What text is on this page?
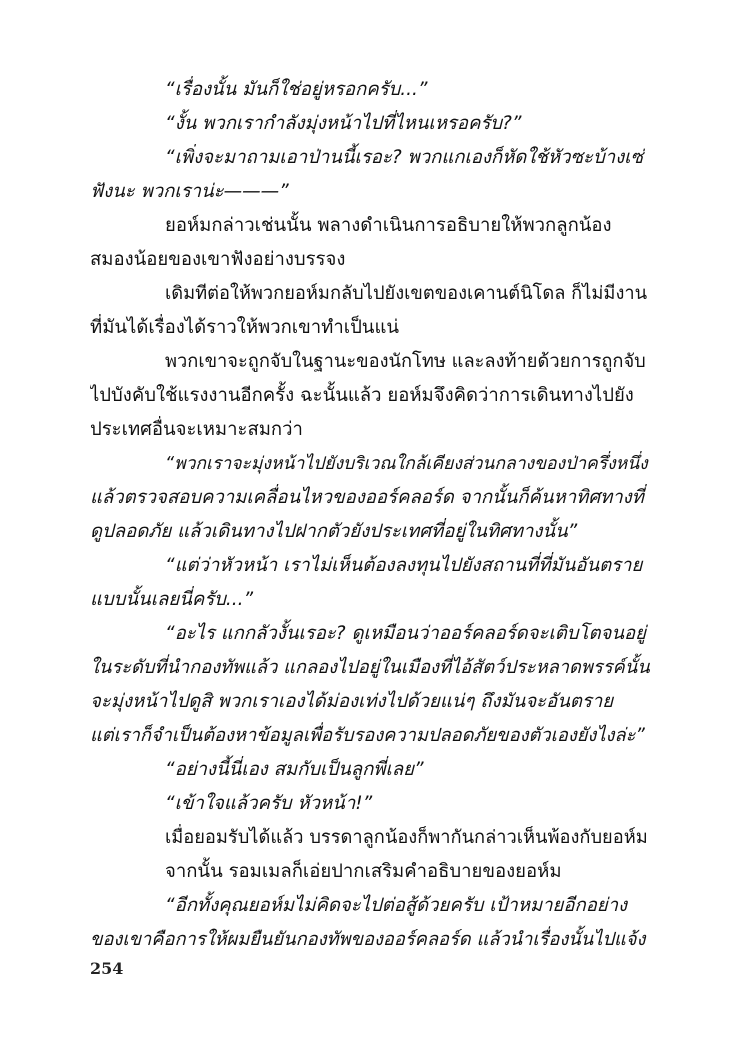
“เรื่องนั้น มันก็ใช่อยู่หรอกครับ...”
“งั้น พวกเรากำลังมุ่งหน้าไปที่ไหนเหรอครับ?”
“เพิ่งจะมาถามเอาป่านนี้เรอะ? พวกแกเองก็หัดใช้หัวซะบ้างเซ่
ฟังนะ พวกเราน่ะ———”
ยอห์มกล่าวเช่นนั้น พลางดำเนินการอธิบายให้พวกลูกน้อง
สมองน้อยของเขาฟังอย่างบรรจง
เดิมทีต่อให้พวกยอห์มกลับไปยังเขตของเคานต์นิโดล ก็ไม่มีงาน
ที่มันได้เรื่องได้ราวให้พวกเขาทำเป็นแน่
พวกเขาจะถูกจับในฐานะของนักโทษ และลงท้ายด้วยการถูกจับ
ไปบังคับใช้แรงงานอีกครั้ง ฉะนั้นแล้ว ยอห์มจึงคิดว่าการเดินทางไปยัง
ประเทศอื่นจะเหมาะสมกว่า
“พวกเราจะมุ่งหน้าไปยังบริเวณใกล้เคียงส่วนกลางของป่าครึ่งหนึ่ง
แล้วตรวจสอบความเคลื่อนไหวของออร์คลอร์ด จากนั้นก็ค้นหาทิศทางที่
ดูปลอดภัย แล้วเดินทางไปฝากตัวยังประเทศที่อยู่ในทิศทางนั้น”
“แต่ว่าหัวหน้า เราไม่เห็นต้องลงทุนไปยังสถานที่ที่มันอันตราย
แบบนั้นเลยนี่ครับ...”
“อะไร แกกลัวงั้นเรอะ? ดูเหมือนว่าออร์คลอร์ดจะเติบโตจนอยู่
ในระดับที่นำกองทัพแล้ว แกลองไปอยู่ในเมืองที่ไอ้สัตว์ประหลาดพรรค์นั้น
จะมุ่งหน้าไปดูสิ พวกเราเองได้ม่องเท่งไปด้วยแน่ๆ ถึงมันจะอันตราย
แต่เราก็จำเป็นต้องหาข้อมูลเพื่อรับรองความปลอดภัยของตัวเองยังไงล่ะ”
“อย่างนี้นี่เอง สมกับเป็นลูกพี่เลย”
“เข้าใจแล้วครับ หัวหน้า!”
เมื่อยอมรับได้แล้ว บรรดาลูกน้องก็พากันกล่าวเห็นพ้องกับยอห์ม
จากนั้น รอมเมลก็เอ่ยปากเสริมคำอธิบายของยอห์ม
“อีกทั้งคุณยอห์มไม่คิดจะไปต่อสู้ด้วยครับ เป้าหมายอีกอย่าง
ของเขาคือการให้ผมยืนยันกองทัพของออร์คลอร์ด แล้วนำเรื่องนั้นไปแจ้ง
254
